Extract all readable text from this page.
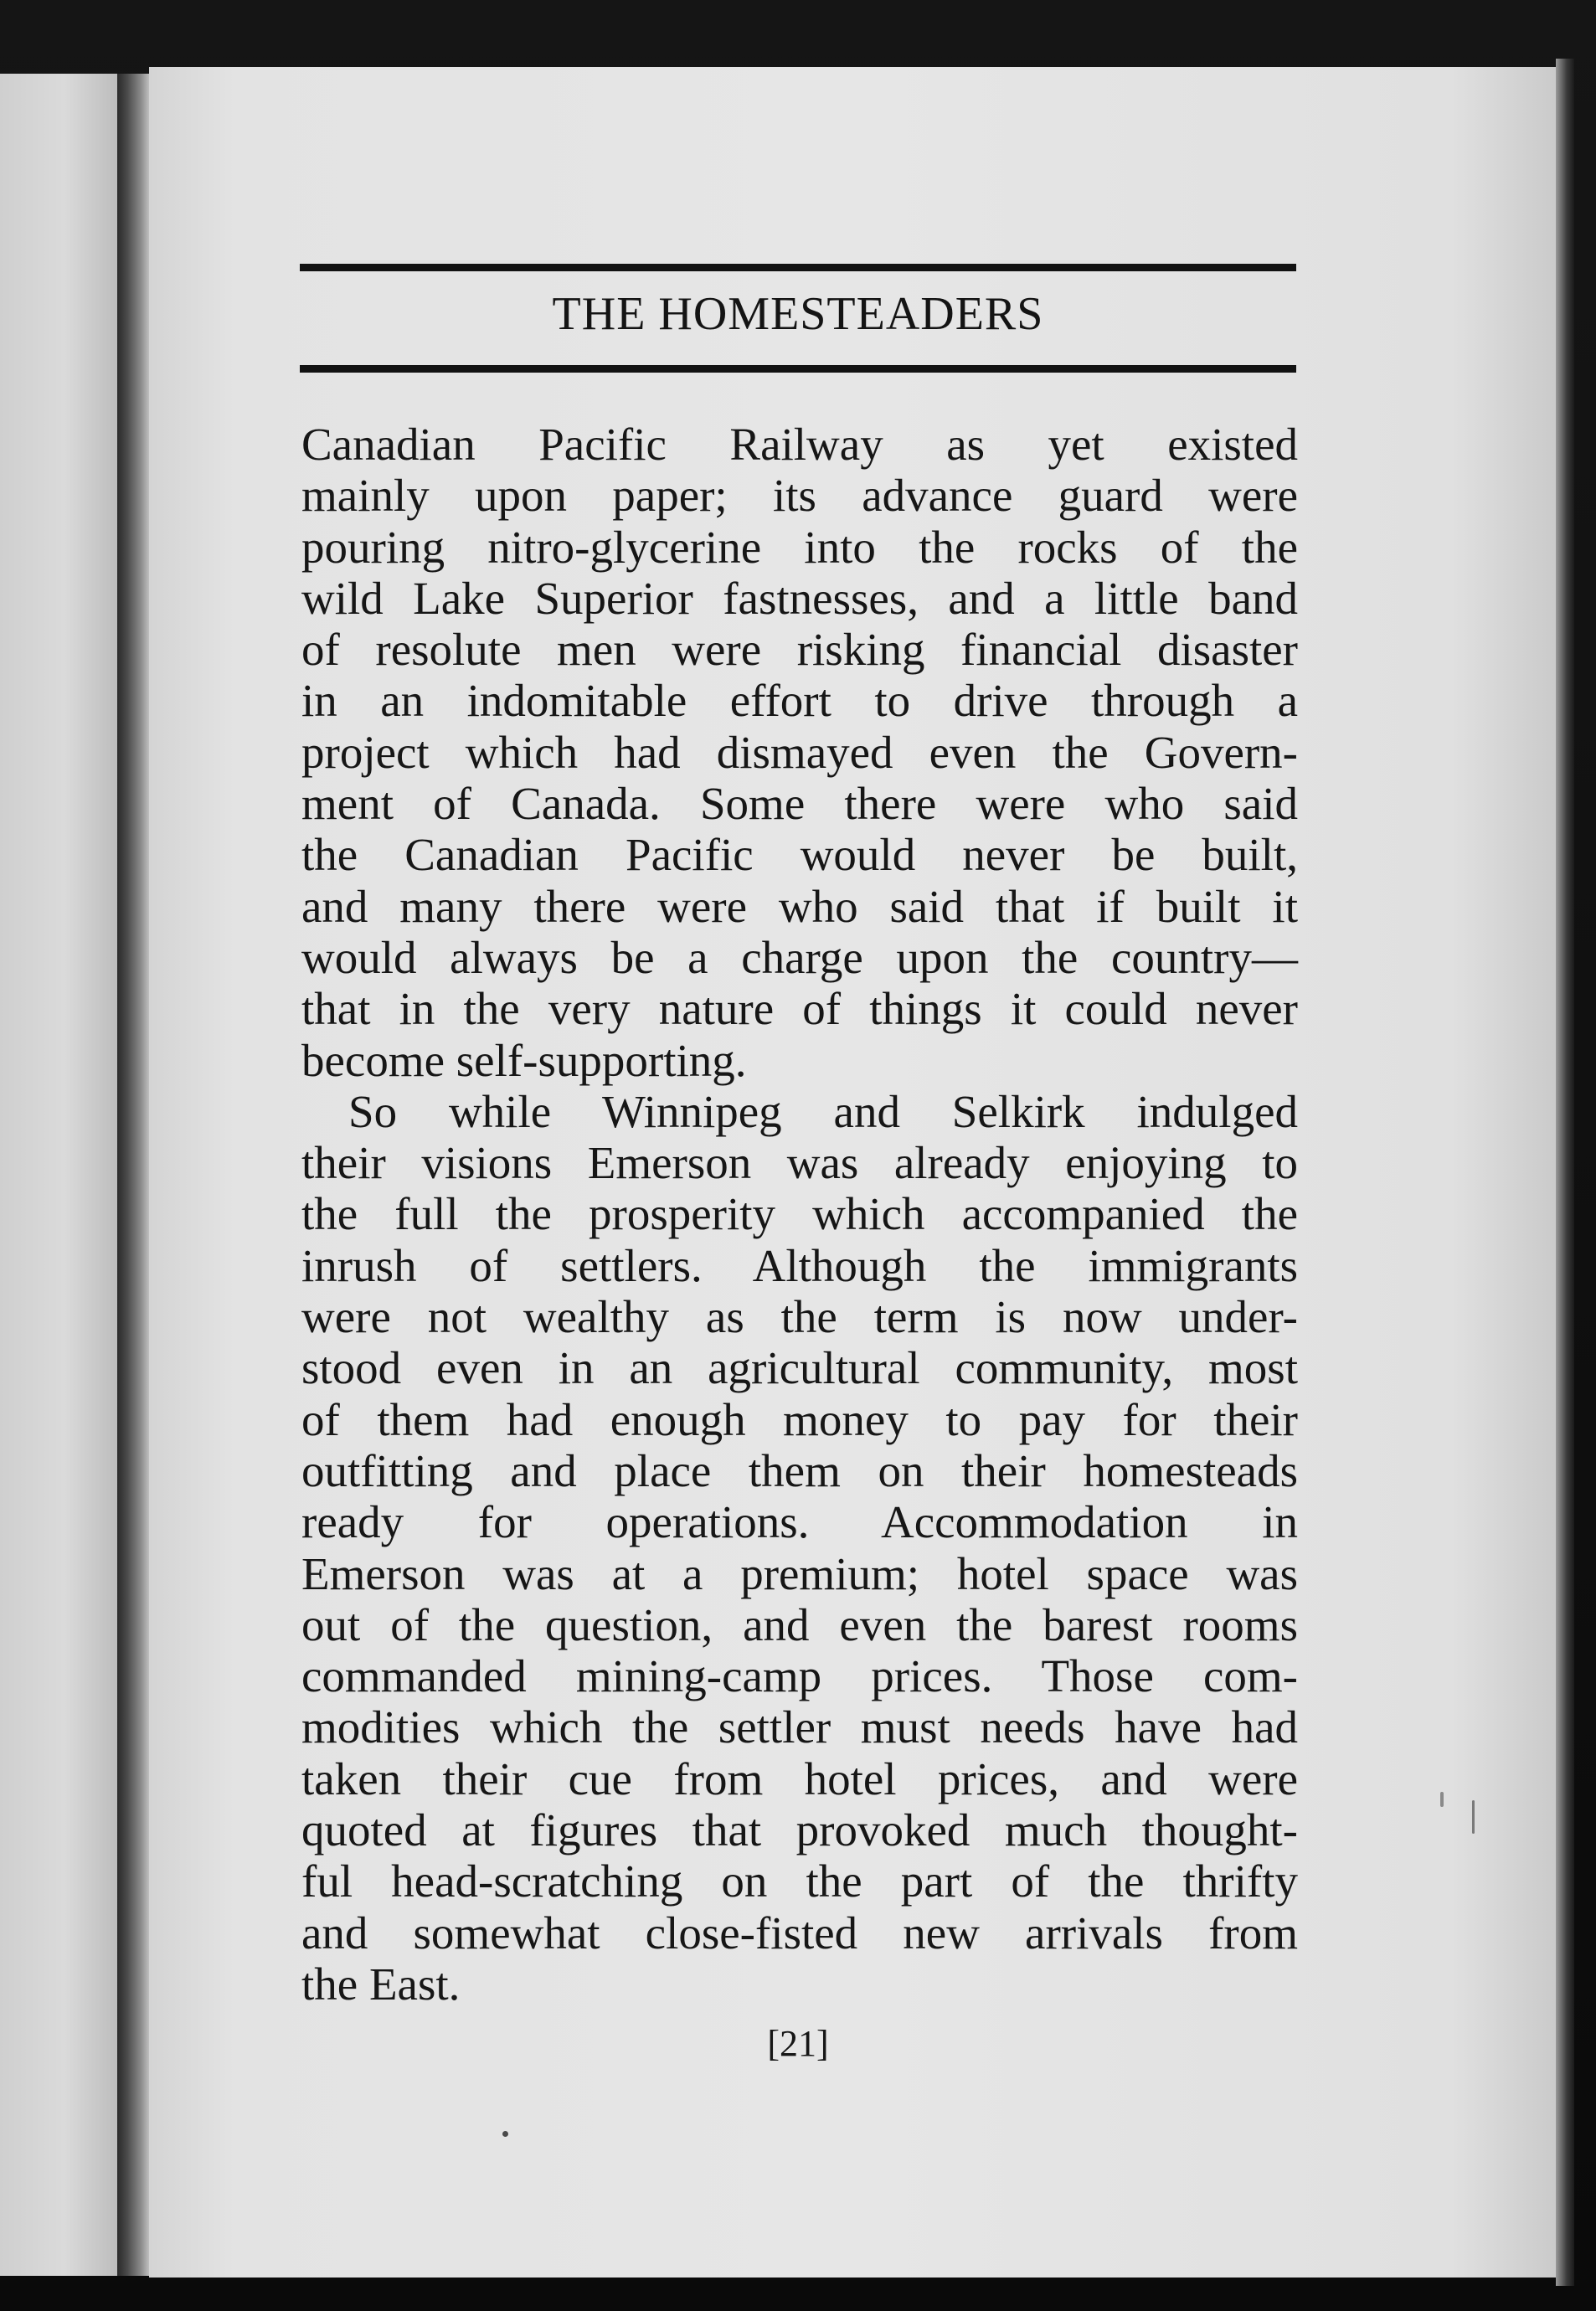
THE HOMESTEADERS
Canadian Pacific Railway as yet existed
mainly upon paper; its advance guard were
pouring nitro-glycerine into the rocks of the
wild Lake Superior fastnesses, and a little band
of resolute men were risking financial disaster
in an indomitable effort to drive through a
project which had dismayed even the Govern-
ment of Canada. Some there were who said
the Canadian Pacific would never be built,
and many there were who said that if built it
would always be a charge upon the country—
that in the very nature of things it could never
become self-supporting.
So while Winnipeg and Selkirk indulged
their visions Emerson was already enjoying to
the full the prosperity which accompanied the
inrush of settlers. Although the immigrants
were not wealthy as the term is now under-
stood even in an agricultural community, most
of them had enough money to pay for their
outfitting and place them on their homesteads
ready for operations. Accommodation in
Emerson was at a premium; hotel space was
out of the question, and even the barest rooms
commanded mining-camp prices. Those com-
modities which the settler must needs have had
taken their cue from hotel prices, and were
quoted at figures that provoked much thought-
ful head-scratching on the part of the thrifty
and somewhat close-fisted new arrivals from
the East.
[21]
